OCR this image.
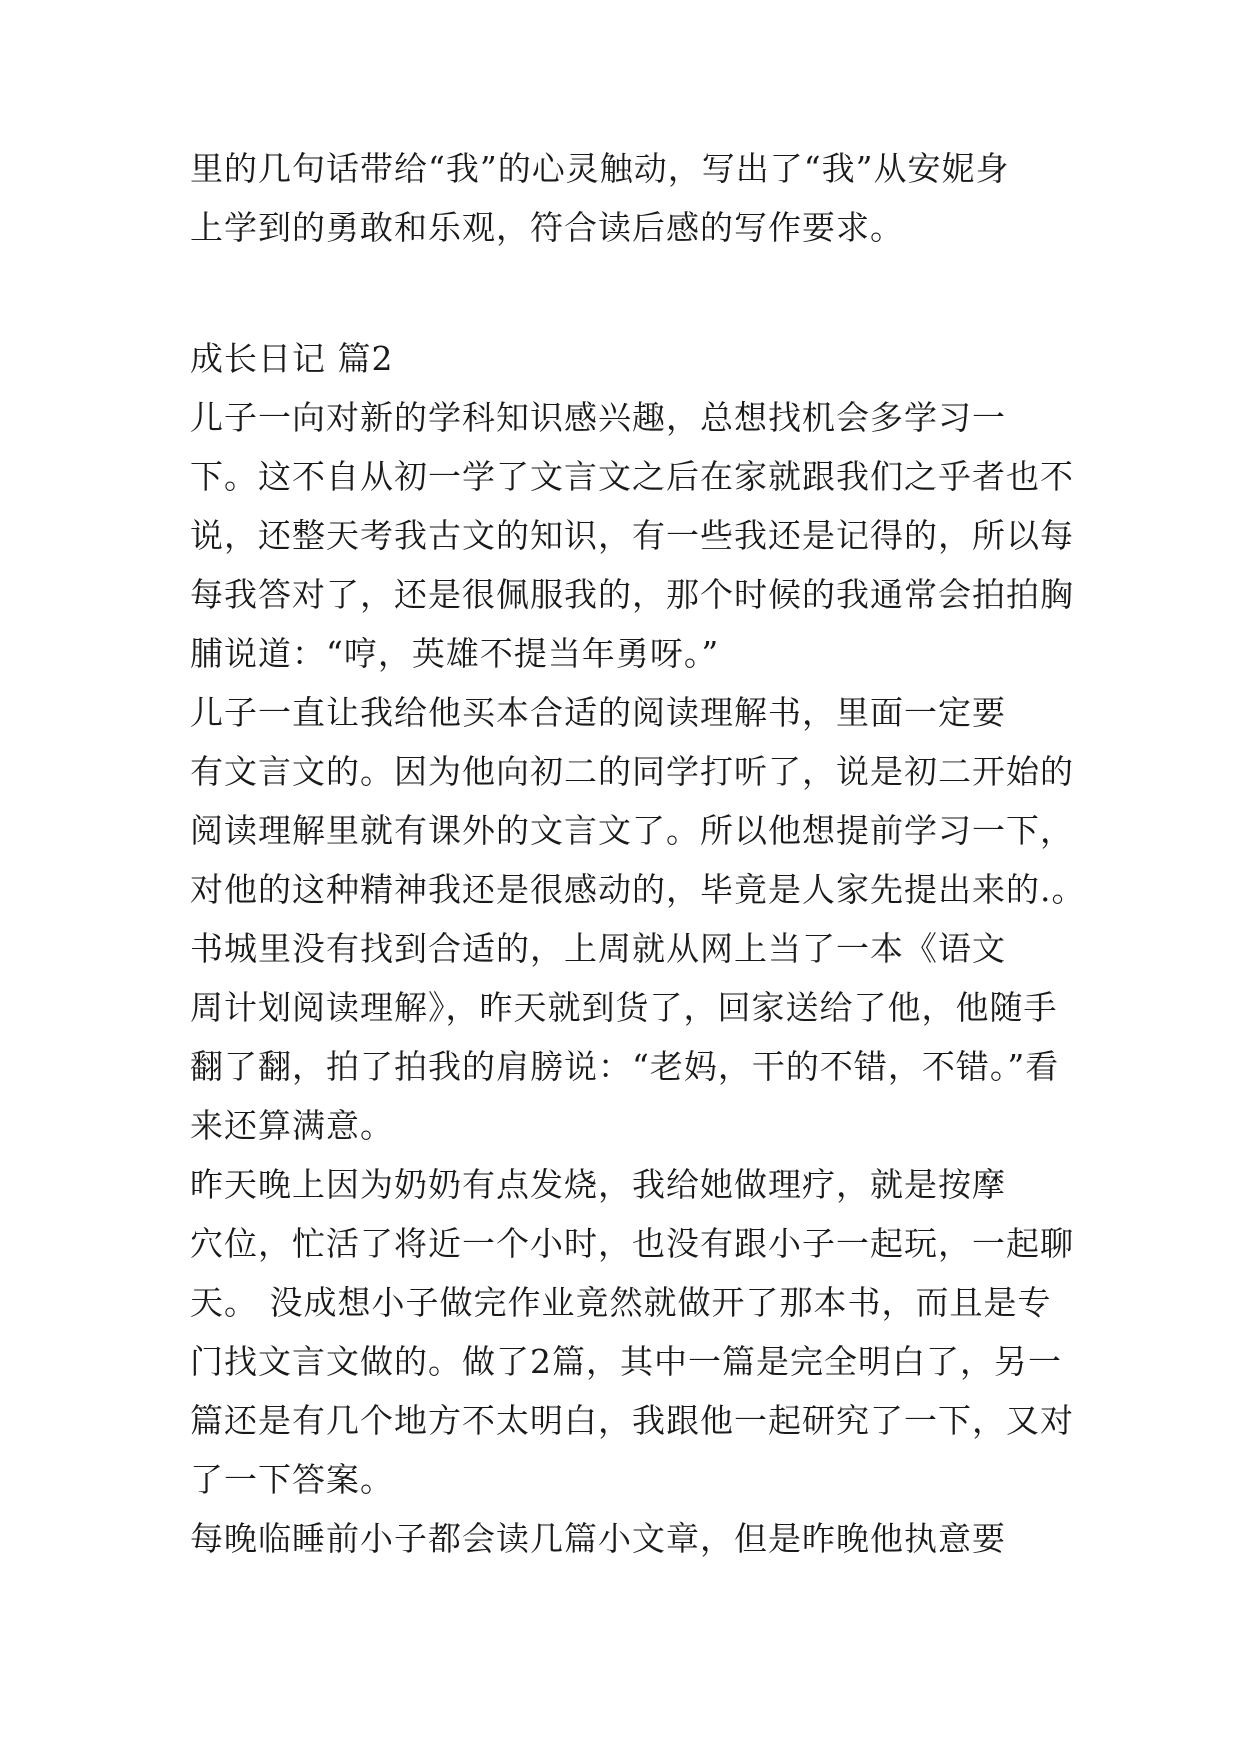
里的几句话带给“我”的心灵触动，写出了“我”从安妮身
上学到的勇敢和乐观，符合读后感的写作要求。
成长日记 篇2
儿子一向对新的学科知识感兴趣，总想找机会多学习一
下。这不自从初一学了文言文之后在家就跟我们之乎者也不
说，还整天考我古文的知识，有一些我还是记得的，所以每
每我答对了，还是很佩服我的，那个时候的我通常会拍拍胸
脯说道：“哼，英雄不提当年勇呀。”
儿子一直让我给他买本合适的阅读理解书，里面一定要
有文言文的。因为他向初二的同学打听了，说是初二开始的
阅读理解里就有课外的文言文了。所以他想提前学习一下，
对他的这种精神我还是很感动的，毕竟是人家先提出来的.。
书城里没有找到合适的，上周就从网上当了一本《语文
周计划阅读理解》，昨天就到货了，回家送给了他，他随手
翻了翻，拍了拍我的肩膀说：“老妈，干的不错，不错。”看
来还算满意。
昨天晚上因为奶奶有点发烧，我给她做理疗，就是按摩
穴位，忙活了将近一个小时，也没有跟小子一起玩，一起聊
天。 没成想小子做完作业竟然就做开了那本书，而且是专
门找文言文做的。做了2篇，其中一篇是完全明白了，另一
篇还是有几个地方不太明白，我跟他一起研究了一下，又对
了一下答案。
每晚临睡前小子都会读几篇小文章，但是昨晚他执意要
